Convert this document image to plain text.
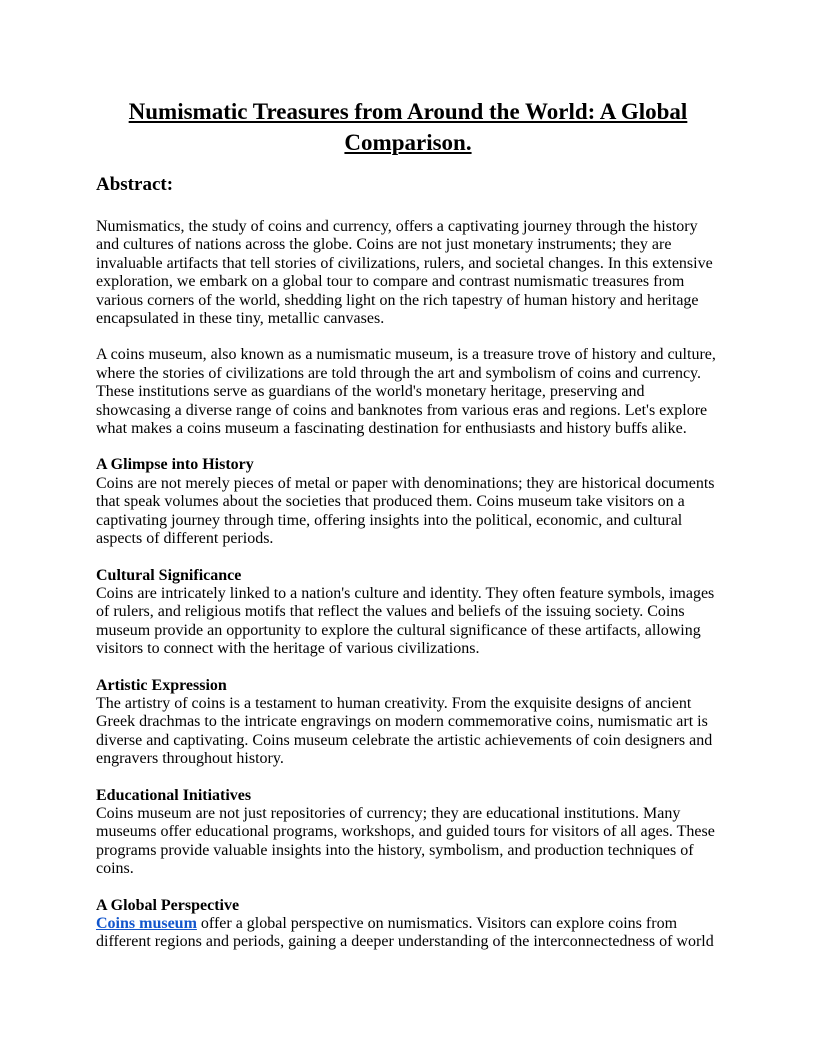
Numismatic Treasures from Around the World: A Global Comparison.
Abstract:

Numismatics, the study of coins and currency, offers a captivating journey through the history and cultures of nations across the globe. Coins are not just monetary instruments; they are invaluable artifacts that tell stories of civilizations, rulers, and societal changes. In this extensive exploration, we embark on a global tour to compare and contrast numismatic treasures from various corners of the world, shedding light on the rich tapestry of human history and heritage encapsulated in these tiny, metallic canvases.

A coins museum, also known as a numismatic museum, is a treasure trove of history and culture, where the stories of civilizations are told through the art and symbolism of coins and currency. These institutions serve as guardians of the world's monetary heritage, preserving and showcasing a diverse range of coins and banknotes from various eras and regions. Let's explore what makes a coins museum a fascinating destination for enthusiasts and history buffs alike.

A Glimpse into History

Coins are not merely pieces of metal or paper with denominations; they are historical documents that speak volumes about the societies that produced them. Coins museum take visitors on a captivating journey through time, offering insights into the political, economic, and cultural aspects of different periods.

Cultural Significance

Coins are intricately linked to a nation's culture and identity. They often feature symbols, images of rulers, and religious motifs that reflect the values and beliefs of the issuing society. Coins museum provide an opportunity to explore the cultural significance of these artifacts, allowing visitors to connect with the heritage of various civilizations.

Artistic Expression

The artistry of coins is a testament to human creativity. From the exquisite designs of ancient Greek drachmas to the intricate engravings on modern commemorative coins, numismatic art is diverse and captivating. Coins museum celebrate the artistic achievements of coin designers and engravers throughout history.

Educational Initiatives

Coins museum are not just repositories of currency; they are educational institutions. Many museums offer educational programs, workshops, and guided tours for visitors of all ages. These programs provide valuable insights into the history, symbolism, and production techniques of coins.

A Global Perspective

Coins museum offer a global perspective on numismatics. Visitors can explore coins from different regions and periods, gaining a deeper understanding of the interconnectedness of world
